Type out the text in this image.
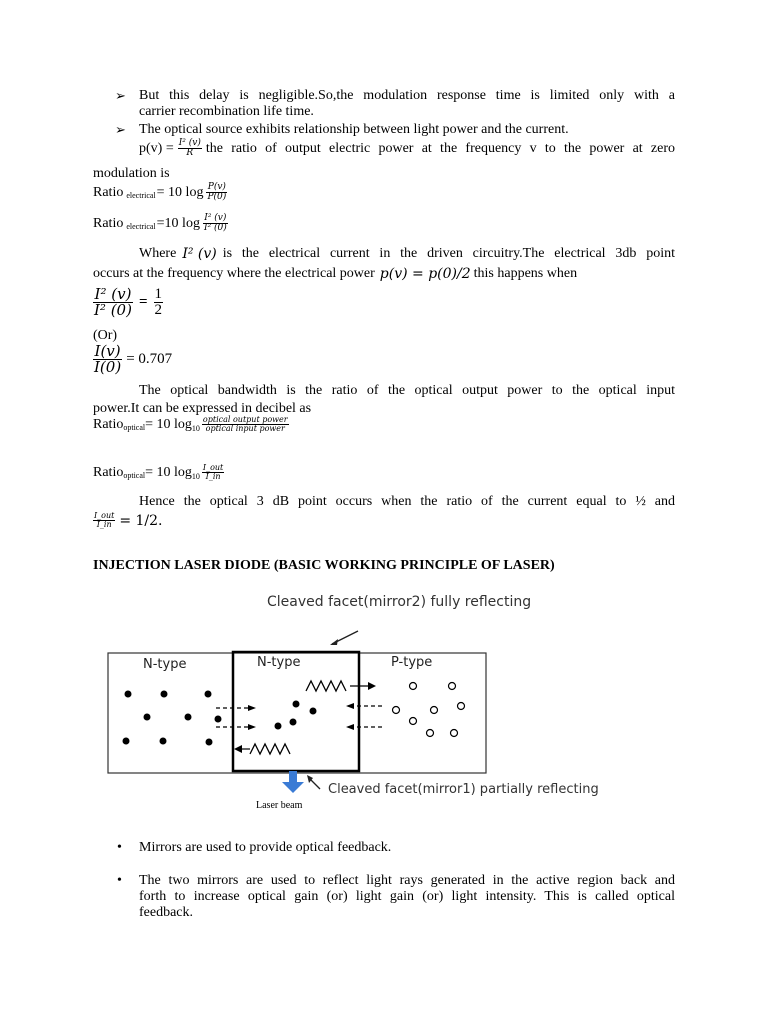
➢ But this delay is negligible.So,the modulation response time is limited only with a
carrier recombination life time.
➢ The optical source exhibits relationship between light power and the current.
$p(v) = \frac{\text{I² (v)}}{R}$ the ratio of output electric power at the frequency v to the power at zero
modulation is
Ratio electrical = 10 $\log \frac{P(v)}{P(0)}$
Ratio electrical =10 $\log \frac{\text{I² (v)}}{\text{I² (0)}}$
Where I² (v) is the electrical current in the driven circuitry.The electrical 3db point
occurs at the frequency where the electrical power p(v) = p(0)/2 this happens when
$\frac{\text{I² (v)}}{\text{I² (0)}} = \frac{1}{2}$
(Or)
$\frac{I(v)}{I(0)} = 0.707$
The optical bandwidth is the ratio of the optical output power to the optical input
power.It can be expressed in decibel as
Ratio optical = 10 $\log 10 \frac{\text{optical output power}}{\text{optical input power}}$
Ratio optical = 10 $\log 10 \frac{\text{I\_out}}{I\_in}$
Hence the optical 3 dB point occurs when the ratio of the current equal to ½ and
$\frac{\text{I\_out}}{I\_in} = 1/2$.
INJECTION LASER DIODE (BASIC WORKING PRINCIPLE OF LASER)
Cleaved facet(mirror2) fully reflecting
N-type	N-type	P-type
Cleaved facet(mirror1) partially reflecting
Laser beam
• Mirrors are used to provide optical feedback.
• The two mirrors are used to reflect light rays generated in the active region back and
forth to increase optical gain (or) light gain (or) light intensity. This is called optical
feedback.
